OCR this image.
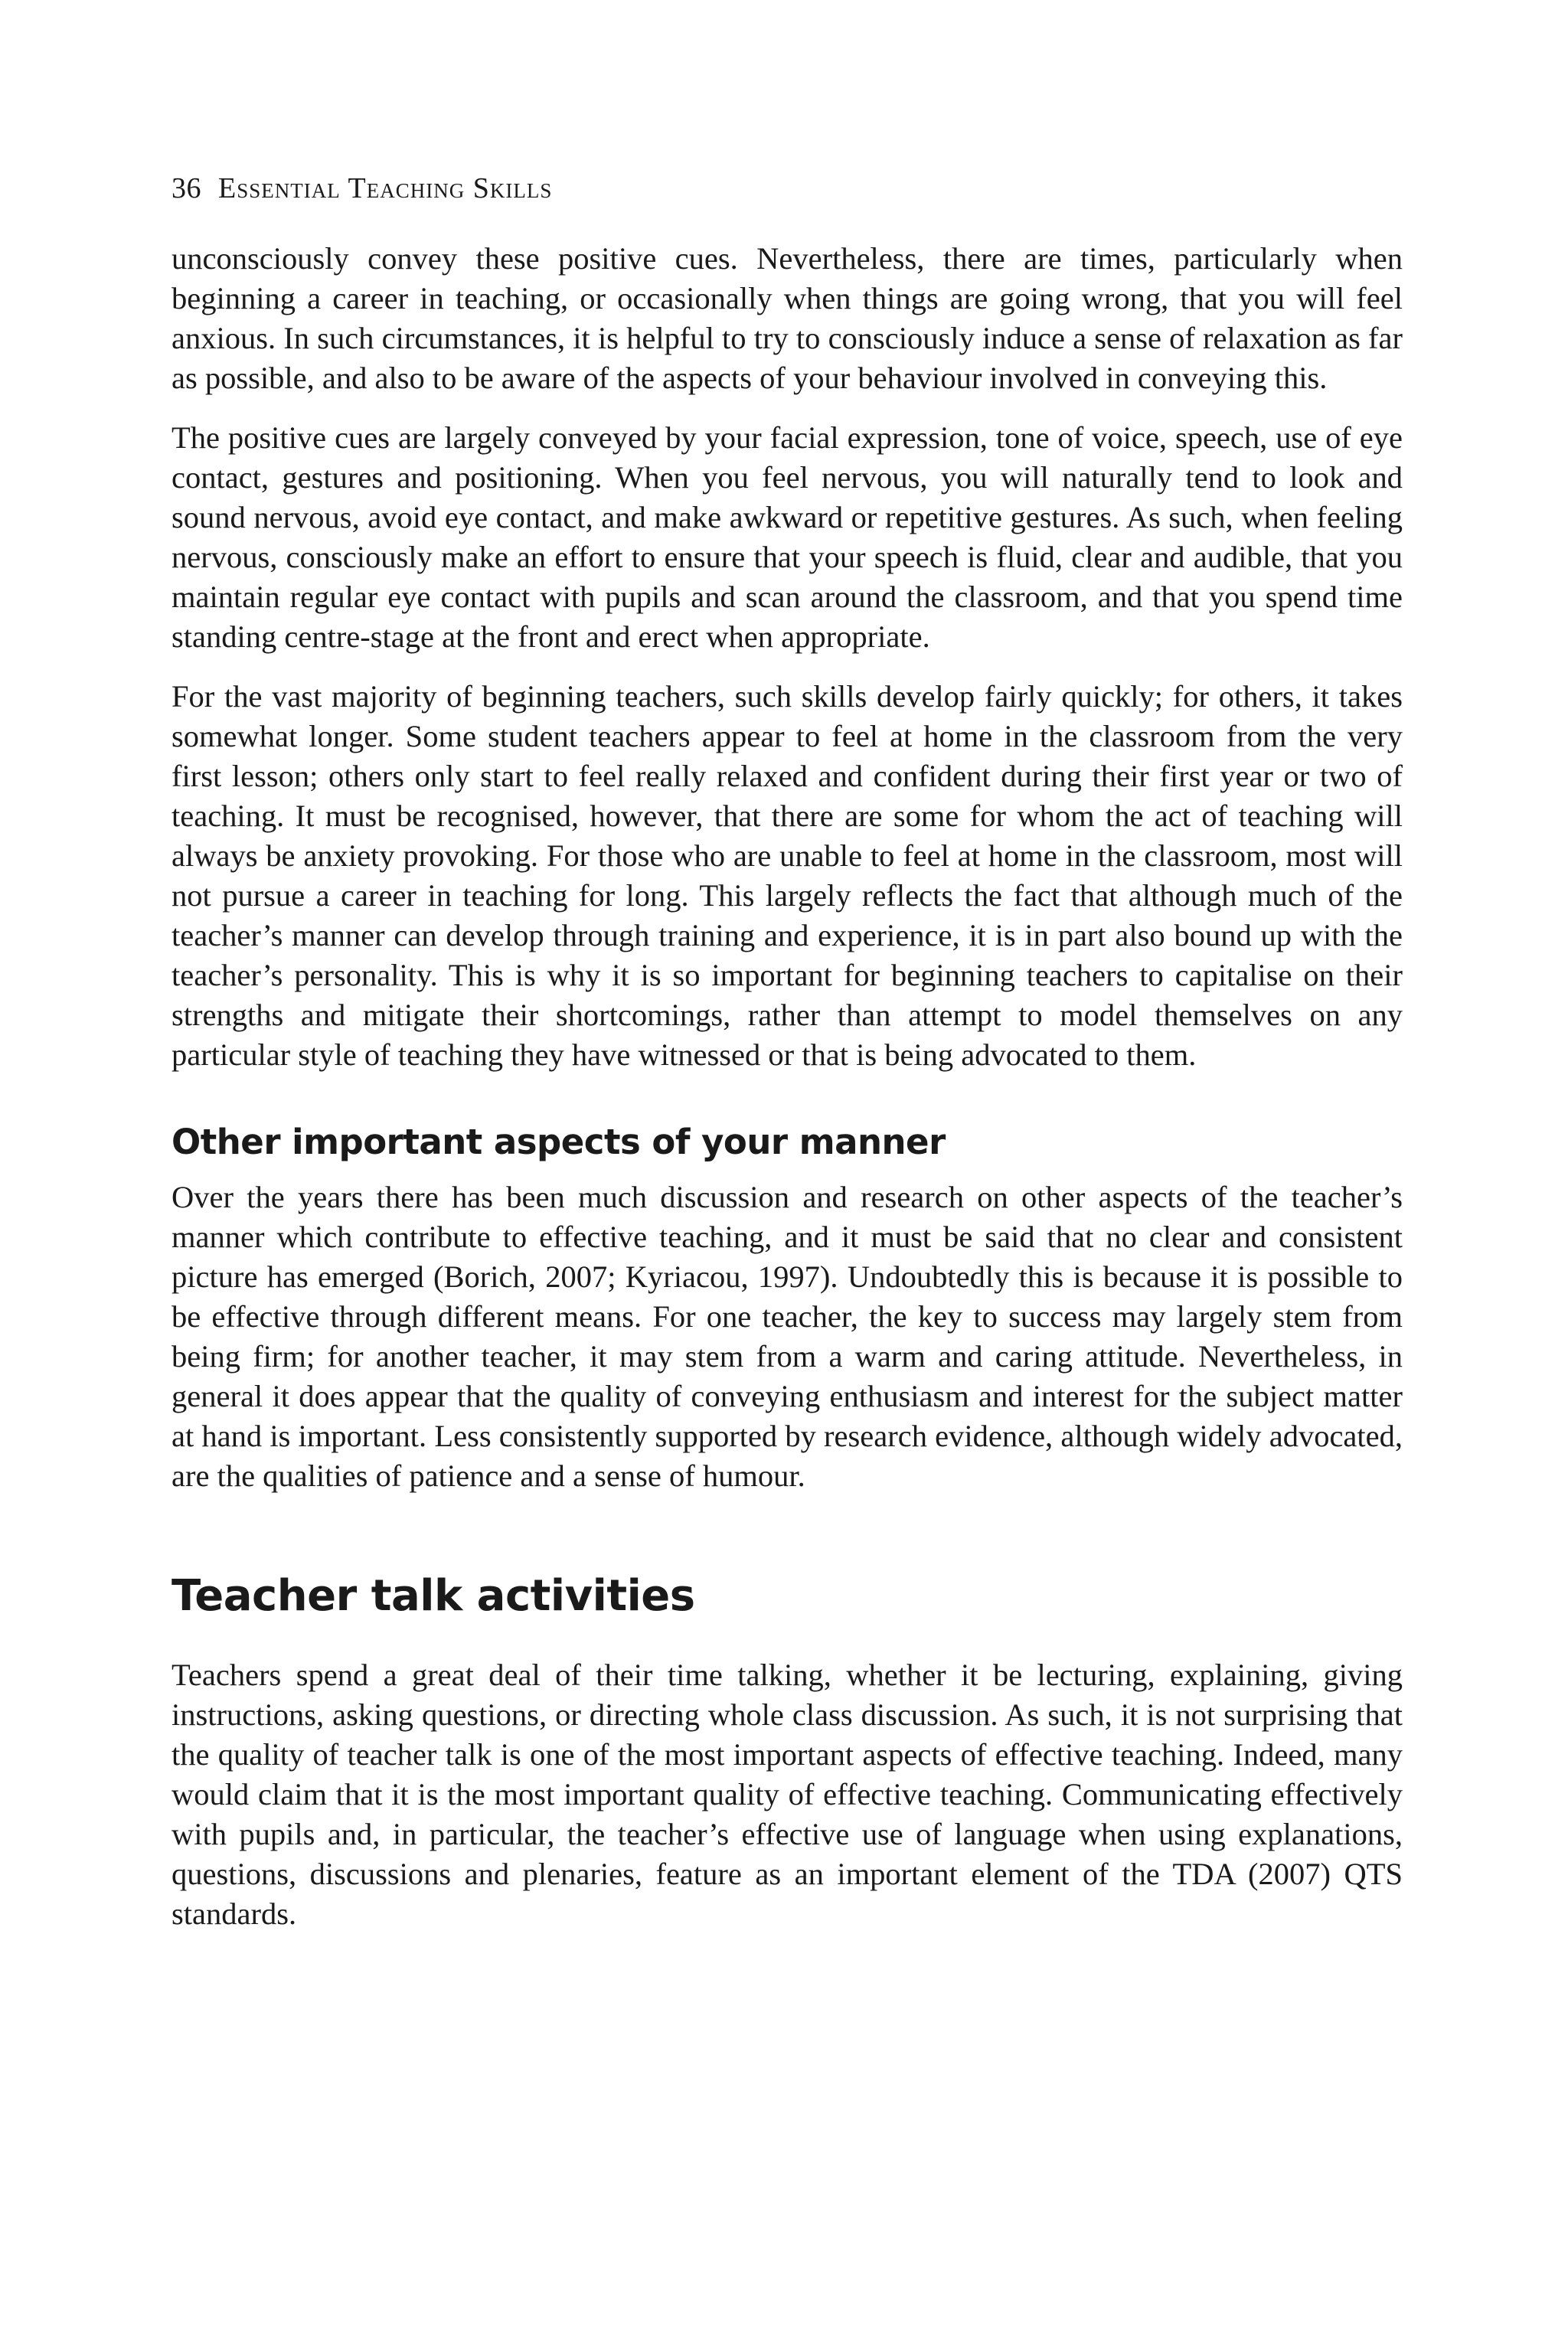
36 Essential Teaching Skills

unconsciously convey these positive cues. Nevertheless, there are times, particularly when beginning a career in teaching, or occasionally when things are going wrong, that you will feel anxious. In such circumstances, it is helpful to try to consciously induce a sense of relaxation as far as possible, and also to be aware of the aspects of your behaviour involved in conveying this.

The positive cues are largely conveyed by your facial expression, tone of voice, speech, use of eye contact, gestures and positioning. When you feel nervous, you will naturally tend to look and sound nervous, avoid eye contact, and make awkward or repetitive gestures. As such, when feeling nervous, consciously make an effort to ensure that your speech is fluid, clear and audible, that you maintain regular eye contact with pupils and scan around the classroom, and that you spend time standing centre-stage at the front and erect when appropriate.

For the vast majority of beginning teachers, such skills develop fairly quickly; for others, it takes somewhat longer. Some student teachers appear to feel at home in the classroom from the very first lesson; others only start to feel really relaxed and confident during their first year or two of teaching. It must be recognised, however, that there are some for whom the act of teaching will always be anxiety provoking. For those who are unable to feel at home in the classroom, most will not pursue a career in teaching for long. This largely reflects the fact that although much of the teacher’s manner can develop through training and experience, it is in part also bound up with the teacher’s personality. This is why it is so important for beginning teachers to capitalise on their strengths and mitigate their shortcomings, rather than attempt to model themselves on any particular style of teaching they have witnessed or that is being advocated to them.

Other important aspects of your manner

Over the years there has been much discussion and research on other aspects of the teacher’s manner which contribute to effective teaching, and it must be said that no clear and consistent picture has emerged (Borich, 2007; Kyriacou, 1997). Undoubtedly this is because it is possible to be effective through different means. For one teacher, the key to success may largely stem from being firm; for another teacher, it may stem from a warm and caring attitude. Nevertheless, in general it does appear that the quality of conveying enthusiasm and interest for the subject matter at hand is important. Less consistently supported by research evidence, although widely advocated, are the qualities of patience and a sense of humour.

Teacher talk activities

Teachers spend a great deal of their time talking, whether it be lecturing, explaining, giving instructions, asking questions, or directing whole class discussion. As such, it is not surprising that the quality of teacher talk is one of the most important aspects of effective teaching. Indeed, many would claim that it is the most important quality of effective teaching. Communicating effectively with pupils and, in particular, the teacher’s effective use of language when using explanations, questions, discussions and plenaries, feature as an important element of the TDA (2007) QTS standards.
